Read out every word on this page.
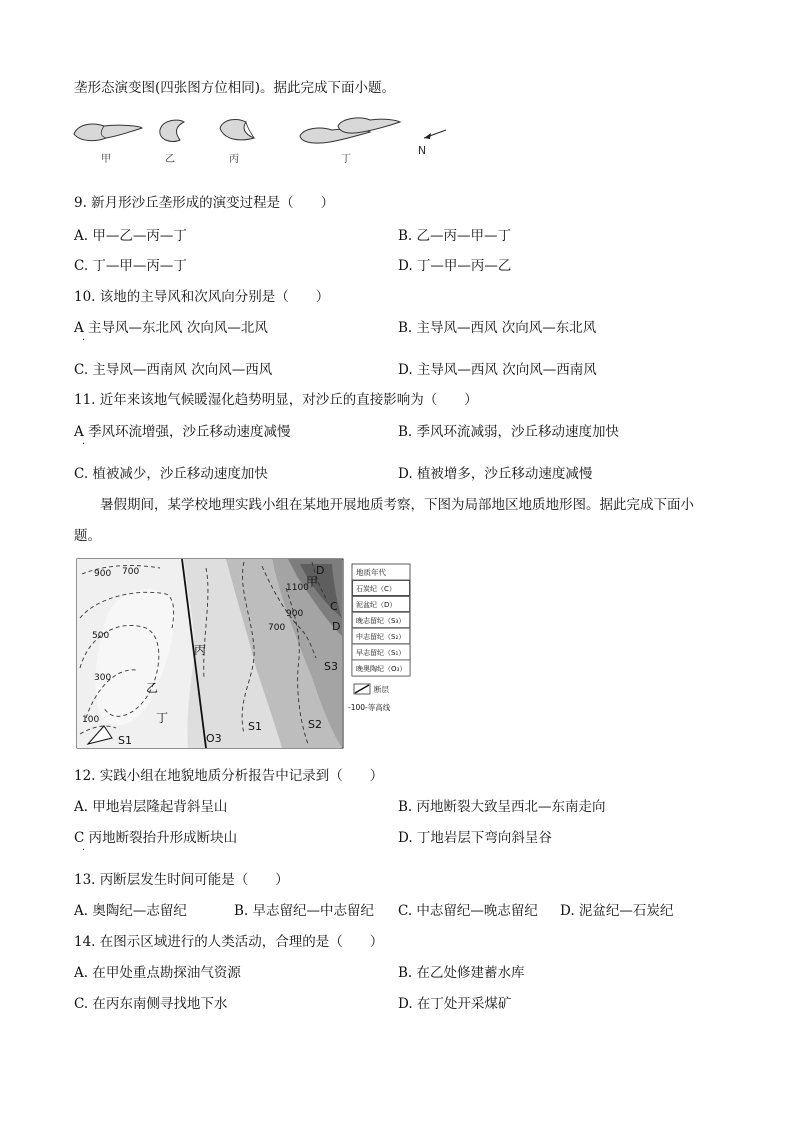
垄形态演变图(四张图方位相同)。据此完成下面小题。
甲	乙	丙	丁
N
9. 新月形沙丘垄形成的演变过程是（　　）
A. 甲—乙—丙—丁	B. 乙—丙—甲—丁
C. 丁—甲—丙—丁	D. 丁—甲—丙—乙
10. 该地的主导风和次风向分别是（　　）
A 主导风—东北风 次向风—北风
·
B. 主导风—西风 次向风—东北风
C. 主导风—西南风 次向风—西风	D. 主导风—西风 次向风—西南风
11. 近年来该地气候暖湿化趋势明显，对沙丘的直接影响为（　　）
A 季风环流增强，沙丘移动速度减慢
·
B. 季风环流减弱，沙丘移动速度加快
C. 植被减少，沙丘移动速度加快	D. 植被增多，沙丘移动速度减慢
暑假期间，某学校地理实践小组在某地开展地质考察，下图为局部地区地质地形图。据此完成下面小
题。
900 700
500
300
100
1100
900
700
甲
乙
丙
丁
D
C
D
S3
S1	S2
O3
S1
地质年代
石炭纪（C）
泥盆纪（D）
晚志留纪（S₃）
中志留纪（S₂）
早志留纪（S₁）
晚奥陶纪（O₃）
断层
-100-等高线
12. 实践小组在地貌地质分析报告中记录到（　　）
A. 甲地岩层隆起背斜呈山	B. 丙地断裂大致呈西北—东南走向
C 丙地断裂抬升形成断块山
·
D. 丁地岩层下弯向斜呈谷
13. 丙断层发生时间可能是（　　）
A. 奥陶纪—志留纪	B. 早志留纪—中志留纪 C. 中志留纪—晚志留纪 D. 泥盆纪—石炭纪
14. 在图示区域进行的人类活动，合理的是（　　）
A. 在甲处重点勘探油气资源	B. 在乙处修建蓄水库
C. 在丙东南侧寻找地下水	D. 在丁处开采煤矿
